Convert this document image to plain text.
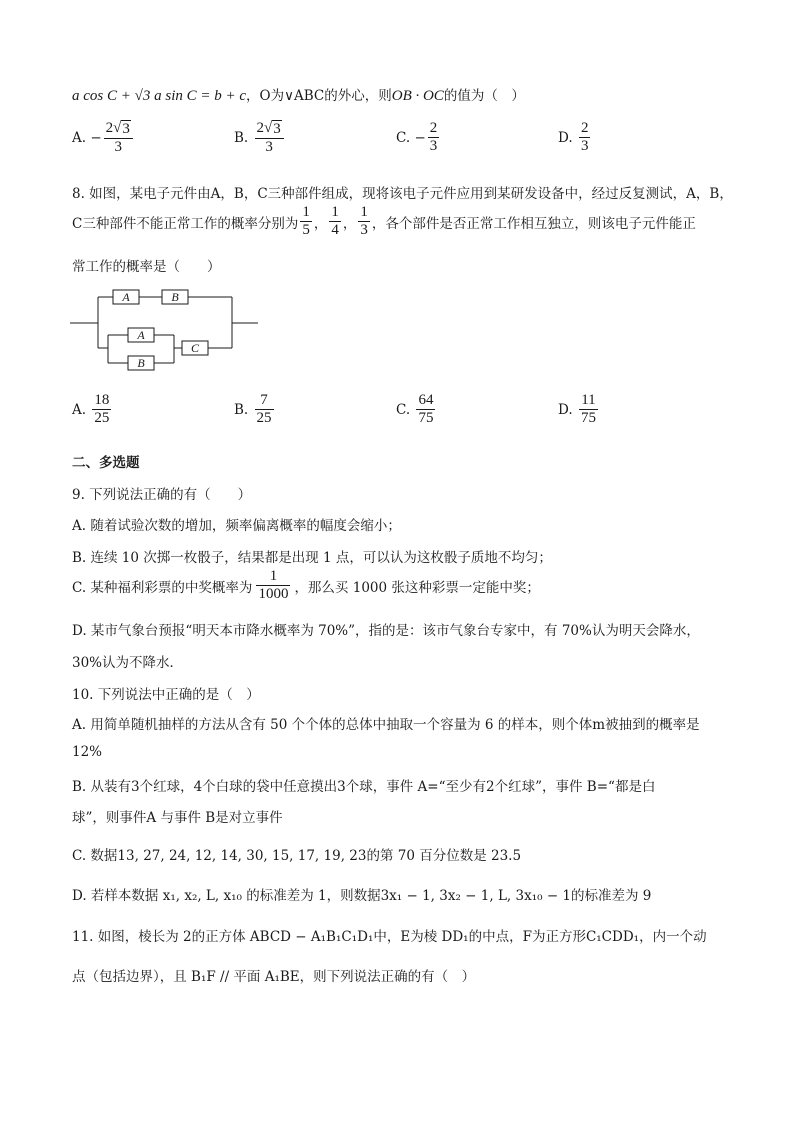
a cos C + √3 a sin C = b + c，O为∨ABC的外心，则OB · OC的值为（　）
A.
− $\frac{2 √ 3}{3}$	B.
$\frac{2 √ 3}{3}$	C.
− $\frac{2}{3}$	D.
$\frac{2}{3}$
8. 如图，某电子元件由A，B，C三种部件组成，现将该电子元件应用到某研发设备中，经过反复测试，A，B，
C三种部件不能正常工作的概率分别为 $\frac{1}{5}$ ， $\frac{1}{4}$ ， $\frac{1}{3}$ ，各个部件是否正常工作相互独立，则该电子元件能正
常工作的概率是（　　）
A	B
A
B
C
A.
$\frac{18}{25}$	B.
$\frac{7}{25}$	C.
$\frac{64}{75}$	D.
$\frac{11}{75}$
二、多选题
9. 下列说法正确的有（　　）
A. 随着试验次数的增加，频率偏离概率的幅度会缩小；
B. 连续 10 次掷一枚骰子，结果都是出现 1 点，可以认为这枚骰子质地不均匀；
C. 某种福利彩票的中奖概率为 $\frac{1}{1000}$ ，那么买 1000 张这种彩票一定能中奖；
D. 某市气象台预报“明天本市降水概率为 70%”，指的是：该市气象台专家中，有 70%认为明天会降水，
30%认为不降水．
10. 下列说法中正确的是（　）
A. 用简单随机抽样的方法从含有 50 个个体的总体中抽取一个容量为 6 的样本，则个体m被抽到的概率是
12%
B. 从装有3个红球，4个白球的袋中任意摸出3个球，事件 A=“至少有2个红球”，事件 B=“都是白
球”，则事件A 与事件 B是对立事件
C. 数据13, 27, 24, 12, 14, 30, 15, 17, 19, 23的第 70 百分位数是 23.5
D. 若样本数据 x₁, x₂, L, x₁₀ 的标准差为 1，则数据3x₁ − 1, 3x₂ − 1, L, 3x₁₀ − 1的标准差为 9
11. 如图，棱长为 2的正方体 ABCD − A₁B₁C₁D₁中，E为棱 DD₁的中点，F为正方形C₁CDD₁，内一个动
点（包括边界），且 B₁F // 平面 A₁BE，则下列说法正确的有（　）
